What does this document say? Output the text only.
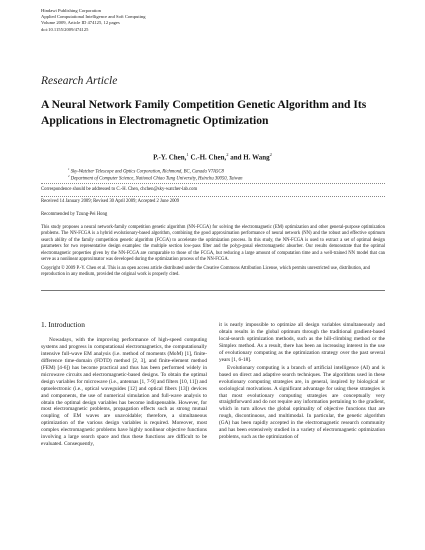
Hindawi Publishing Corporation
Applied Computational Intelligence and Soft Computing
Volume 2009, Article ID 474125, 12 pages
doi:10.1155/2009/474125
Research Article
A Neural Network Family Competition Genetic Algorithm and Its Applications in Electromagnetic Optimization
P.-Y. Chen,$^1$ C.-H. Chen,$^2$ and H. Wang$^2$
$^1$ Sky-Watcher Telescope and Optics Corporation, Richmond, BC, Canada V7A5C8
$^2$ Department of Computer Science, National Chiao Tung University, Hsinchu 30050, Taiwan
Correspondence should be addressed to C.-H. Chen, chchen@sky-watcher-lab.com
Received 14 January 2009; Revised 30 April 2009; Accepted 2 June 2009
Recommended by Tzung-Pei Hong
This study proposes a neural network-family competition genetic algorithm (NN-FCGA) for solving the electromagnetic (EM) optimization and other general-purpose optimization problems. The NN-FCGA is a hybrid evolutionary-based algorithm, combining the good approximation performance of neural network (NN) and the robust and effective optimum search ability of the family competition genetic algorithm (FCGA) to accelerate the optimization process. In this study, the NN-FCGA is used to extract a set of optimal design parameters for two representative design examples: the multiple section low-pass filter and the polyp-gonal electromagnetic absorber. Our results demonstrate that the optimal electromagnetic properties given by the NN-FCGA are comparable to those of the FCGA, but reducing a large amount of computation time and a well-trained NN model that can serve as a nonlinear approximator was developed during the optimization process of the NN-FCGA.
Copyright © 2009 P.-Y. Chen et al. This is an open access article distributed under the Creative Commons Attribution License, which permits unrestricted use, distribution, and reproduction in any medium, provided the original work is properly cited.
1. Introduction

Nowadays, with the improving performance of high-speed computing systems and progress in computational electromagnetics, the computationally intensive full-wave EM analysis (i.e. method of moments (MoM) [1], finite-difference time-domain (FDTD) method [2, 3], and finite-element method (FEM) [4-6]) has become practical and thus has been performed widely in microwave circuits and electromagnetic-based designs. To obtain the optimal design variables for microwave (i.e., antennas [1, 7-9] and filters [10, 11]) and optoelectronic (i.e., optical waveguides [12] and optical fibers [13]) devices and components, the use of numerical simulation and full-wave analysis to obtain the optimal design variables has become indispensable. However, for most electromagnetic problems, propagation effects such as strong mutual coupling of EM waves are unavoidable; therefore, a simultaneous optimization of the various design variables is required. Moreover, most complex electromagnetic problems have highly nonlinear objective functions involving a large search space and thus these functions are difficult to be evaluated. Consequently,

it is nearly impossible to optimize all design variables simultaneously and obtain results in the global optimum through the traditional gradient-based local-search optimization methods, such as the hill-climbing method or the Simplex method. As a result, there has been an increasing interest in the use of evolutionary computing as the optimization strategy over the past several years [1, 6-18].

Evolutionary computing is a branch of artificial intelligence (AI) and is based on direct and adaptive search techniques. The algorithms used in these evolutionary computing strategies are, in general, inspired by biological or sociological motivations. A significant advantage for using these strategies is that most evolutionary computing strategies are conceptually very straightforward and do not require any information pertaining to the gradient, which in turn allows the global optimality of objective functions that are rough, discontinuous, and multimodal. In particular, the genetic algorithm (GA) has been rapidly accepted in the electromagnetic research community and has been extensively studied in a variety of electromagnetic optimization problems, such as the optimization of
